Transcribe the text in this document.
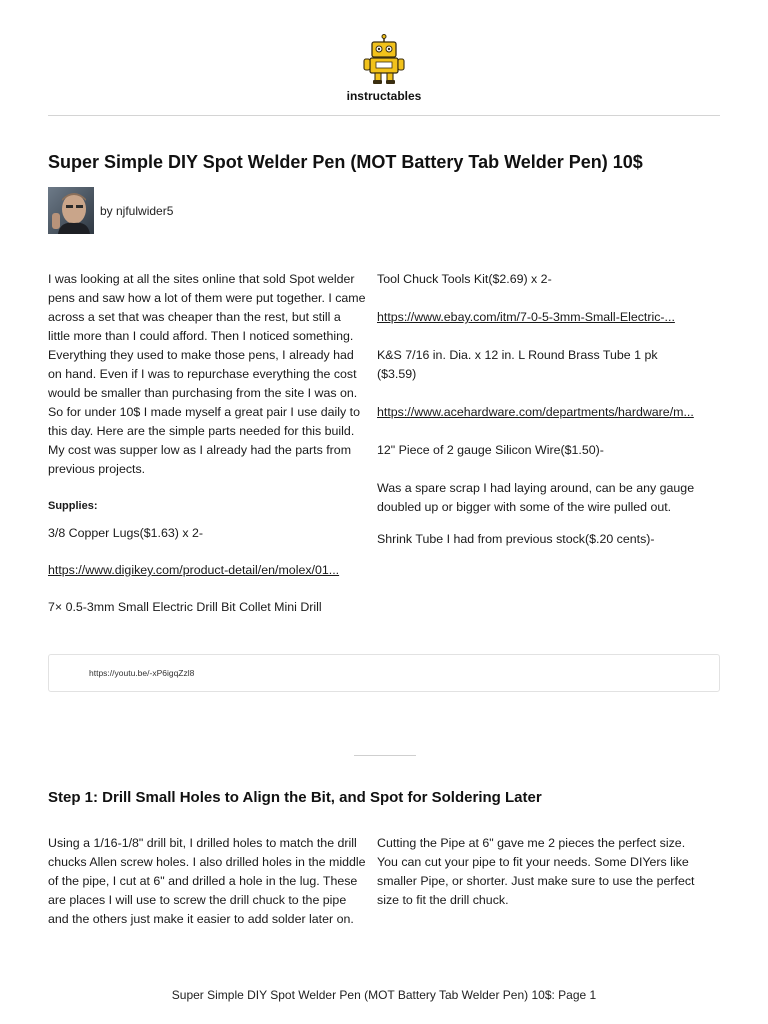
instructables
Super Simple DIY Spot Welder Pen (MOT Battery Tab Welder Pen) 10$
by njfulwider5

I was looking at all the sites online that sold Spot welder pens and saw how a lot of them were put together. I came across a set that was cheaper than the rest, but still a little more than I could afford. Then I noticed something. Everything they used to make those pens, I already had on hand. Even if I was to repurchase everything the cost would be smaller than purchasing from the site I was on. So for under 10$ I made myself a great pair I use daily to this day. Here are the simple parts needed for this build. My cost was supper low as I already had the parts from previous projects.

Supplies:

3/8 Copper Lugs($1.63) x 2-

https://www.digikey.com/product-detail/en/molex/01...

7× 0.5-3mm Small Electric Drill Bit Collet Mini Drill

Tool Chuck Tools Kit($2.69) x 2-

https://www.ebay.com/itm/7-0-5-3mm-Small-Electric-...

K&S 7/16 in. Dia. x 12 in. L Round Brass Tube 1 pk ($3.59)

https://www.acehardware.com/departments/hardware/m...

12" Piece of 2 gauge Silicon Wire($1.50)-

Was a spare scrap I had laying around, can be any gauge doubled up or bigger with some of the wire pulled out.

Shrink Tube I had from previous stock($.20 cents)-

https://youtu.be/-xP6igqZzl8
Step 1: Drill Small Holes to Align the Bit, and Spot for Soldering Later

Using a 1/16-1/8" drill bit, I drilled holes to match the drill chucks Allen screw holes. I also drilled holes in the middle of the pipe, I cut at 6" and drilled a hole in the lug. These are places I will use to screw the drill chuck to the pipe and the others just make it easier to add solder later on.

Cutting the Pipe at 6" gave me 2 pieces the perfect size. You can cut your pipe to fit your needs. Some DIYers like smaller Pipe, or shorter. Just make sure to use the perfect size to fit the drill chuck.

Super Simple DIY Spot Welder Pen (MOT Battery Tab Welder Pen) 10$: Page 1
